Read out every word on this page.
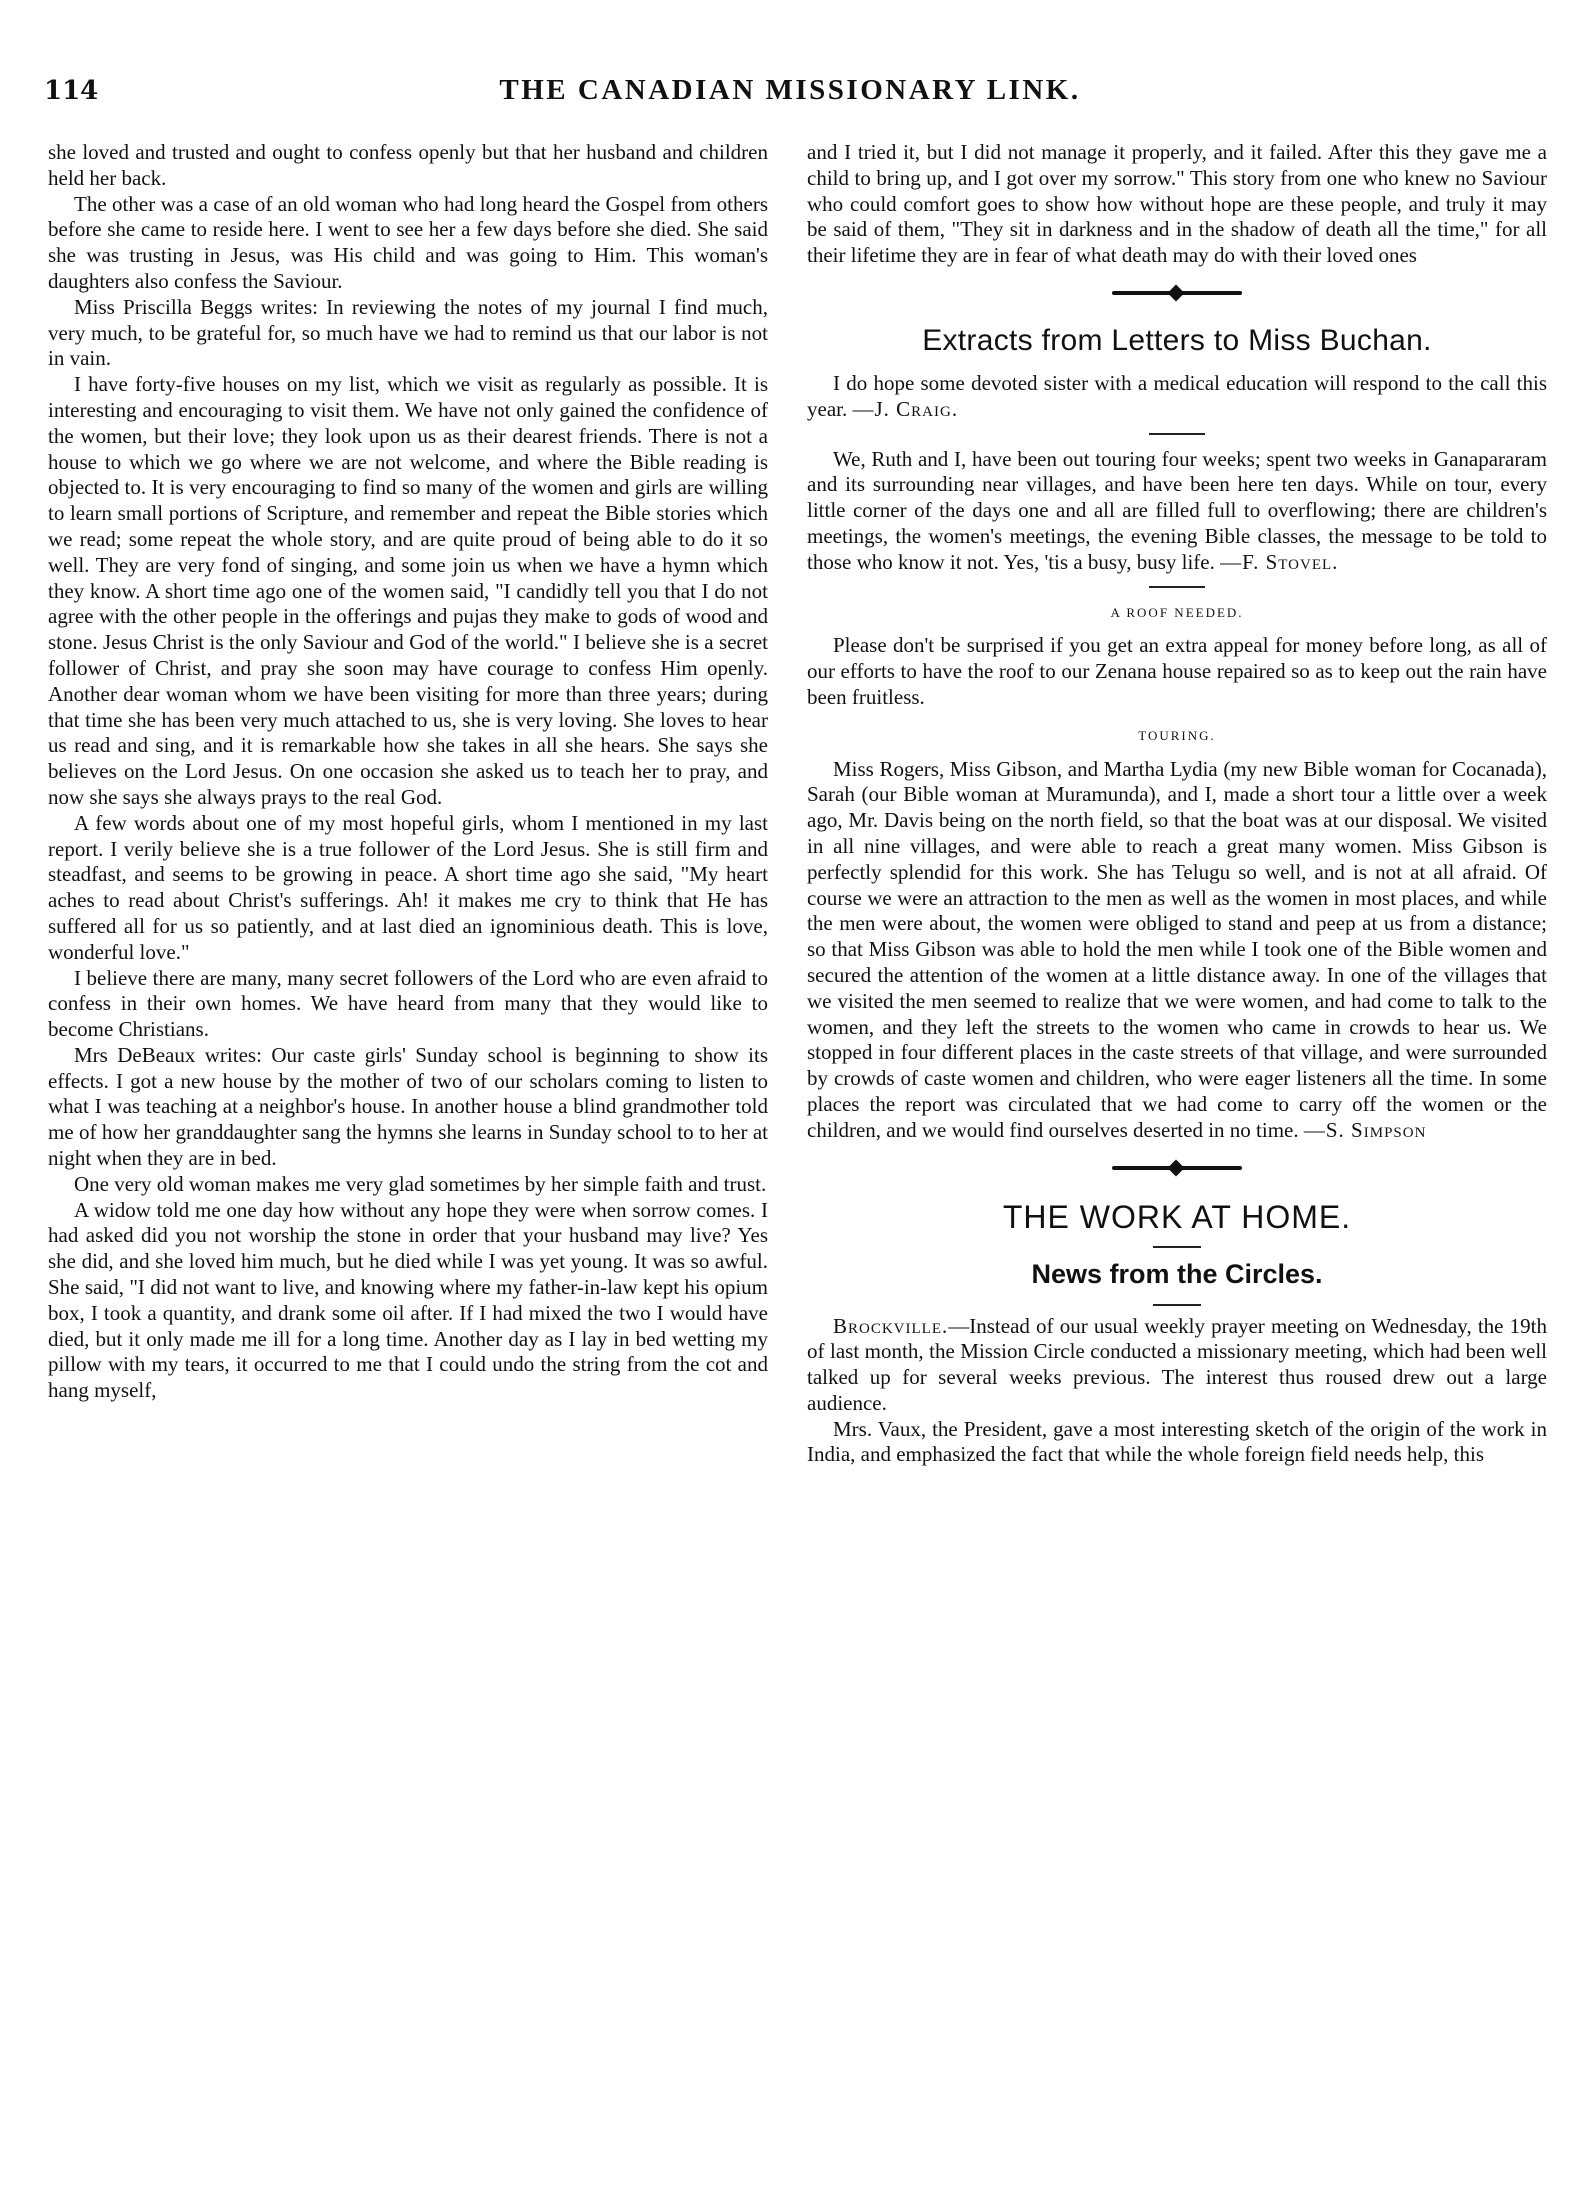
114	THE CANADIAN MISSIONARY LINK.

she loved and trusted and ought to confess openly but that her husband and children held her back.

The other was a case of an old woman who had long heard the Gospel from others before she came to reside here. I went to see her a few days before she died. She said she was trusting in Jesus, was His child and was going to Him. This woman's daughters also confess the Saviour.

Miss Priscilla Beggs writes: In reviewing the notes of my journal I find much, very much, to be grateful for, so much have we had to remind us that our labor is not in vain.

I have forty-five houses on my list, which we visit as regularly as possible. It is interesting and encouraging to visit them. We have not only gained the confidence of the women, but their love; they look upon us as their dearest friends. There is not a house to which we go where we are not welcome, and where the Bible reading is objected to. It is very encouraging to find so many of the women and girls are willing to learn small portions of Scripture, and remember and repeat the Bible stories which we read; some repeat the whole story, and are quite proud of being able to do it so well. They are very fond of singing, and some join us when we have a hymn which they know. A short time ago one of the women said, "I candidly tell you that I do not agree with the other people in the offerings and pujas they make to gods of wood and stone. Jesus Christ is the only Saviour and God of the world." I believe she is a secret follower of Christ, and pray she soon may have courage to confess Him openly. Another dear woman whom we have been visiting for more than three years; during that time she has been very much attached to us, she is very loving. She loves to hear us read and sing, and it is remarkable how she takes in all she hears. She says she believes on the Lord Jesus. On one occasion she asked us to teach her to pray, and now she says she always prays to the real God.

A few words about one of my most hopeful girls, whom I mentioned in my last report. I verily believe she is a true follower of the Lord Jesus. She is still firm and steadfast, and seems to be growing in peace. A short time ago she said, "My heart aches to read about Christ's sufferings. Ah! it makes me cry to think that He has suffered all for us so patiently, and at last died an ignominious death. This is love, wonderful love."

I believe there are many, many secret followers of the Lord who are even afraid to confess in their own homes. We have heard from many that they would like to become Christians.

Mrs DeBeaux writes: Our caste girls' Sunday school is beginning to show its effects. I got a new house by the mother of two of our scholars coming to listen to what I was teaching at a neighbor's house. In another house a blind grandmother told me of how her granddaughter sang the hymns she learns in Sunday school to to her at night when they are in bed.

One very old woman makes me very glad sometimes by her simple faith and trust.

A widow told me one day how without any hope they were when sorrow comes. I had asked did you not worship the stone in order that your husband may live? Yes she did, and she loved him much, but he died while I was yet young. It was so awful. She said, "I did not want to live, and knowing where my father-in-law kept his opium box, I took a quantity, and drank some oil after. If I had mixed the two I would have died, but it only made me ill for a long time. Another day as I lay in bed wetting my pillow with my tears, it occurred to me that I could undo the string from the cot and hang myself,

and I tried it, but I did not manage it properly, and it failed. After this they gave me a child to bring up, and I got over my sorrow." This story from one who knew no Saviour who could comfort goes to show how without hope are these people, and truly it may be said of them, "They sit in darkness and in the shadow of death all the time," for all their lifetime they are in fear of what death may do with their loved ones

Extracts from Letters to Miss Buchan.

I do hope some devoted sister with a medical education will respond to the call this year. —J. Craig.

We, Ruth and I, have been out touring four weeks; spent two weeks in Ganapararam and its surrounding near villages, and have been here ten days. While on tour, every little corner of the days one and all are filled full to overflowing; there are children's meetings, the women's meetings, the evening Bible classes, the message to be told to those who know it not. Yes, 'tis a busy, busy life. —F. Stovel.

A ROOF NEEDED.

Please don't be surprised if you get an extra appeal for money before long, as all of our efforts to have the roof to our Zenana house repaired so as to keep out the rain have been fruitless.

TOURING.

Miss Rogers, Miss Gibson, and Martha Lydia (my new Bible woman for Cocanada), Sarah (our Bible woman at Muramunda), and I, made a short tour a little over a week ago, Mr. Davis being on the north field, so that the boat was at our disposal. We visited in all nine villages, and were able to reach a great many women. Miss Gibson is perfectly splendid for this work. She has Telugu so well, and is not at all afraid. Of course we were an attraction to the men as well as the women in most places, and while the men were about, the women were obliged to stand and peep at us from a distance; so that Miss Gibson was able to hold the men while I took one of the Bible women and secured the attention of the women at a little distance away. In one of the villages that we visited the men seemed to realize that we were women, and had come to talk to the women, and they left the streets to the women who came in crowds to hear us. We stopped in four different places in the caste streets of that village, and were surrounded by crowds of caste women and children, who were eager listeners all the time. In some places the report was circulated that we had come to carry off the women or the children, and we would find ourselves deserted in no time. —S. Simpson

THE WORK AT HOME.
News from the Circles.

Brockville.—Instead of our usual weekly prayer meeting on Wednesday, the 19th of last month, the Mission Circle conducted a missionary meeting, which had been well talked up for several weeks previous. The interest thus roused drew out a large audience.

Mrs. Vaux, the President, gave a most interesting sketch of the origin of the work in India, and emphasized the fact that while the whole foreign field needs help, this
